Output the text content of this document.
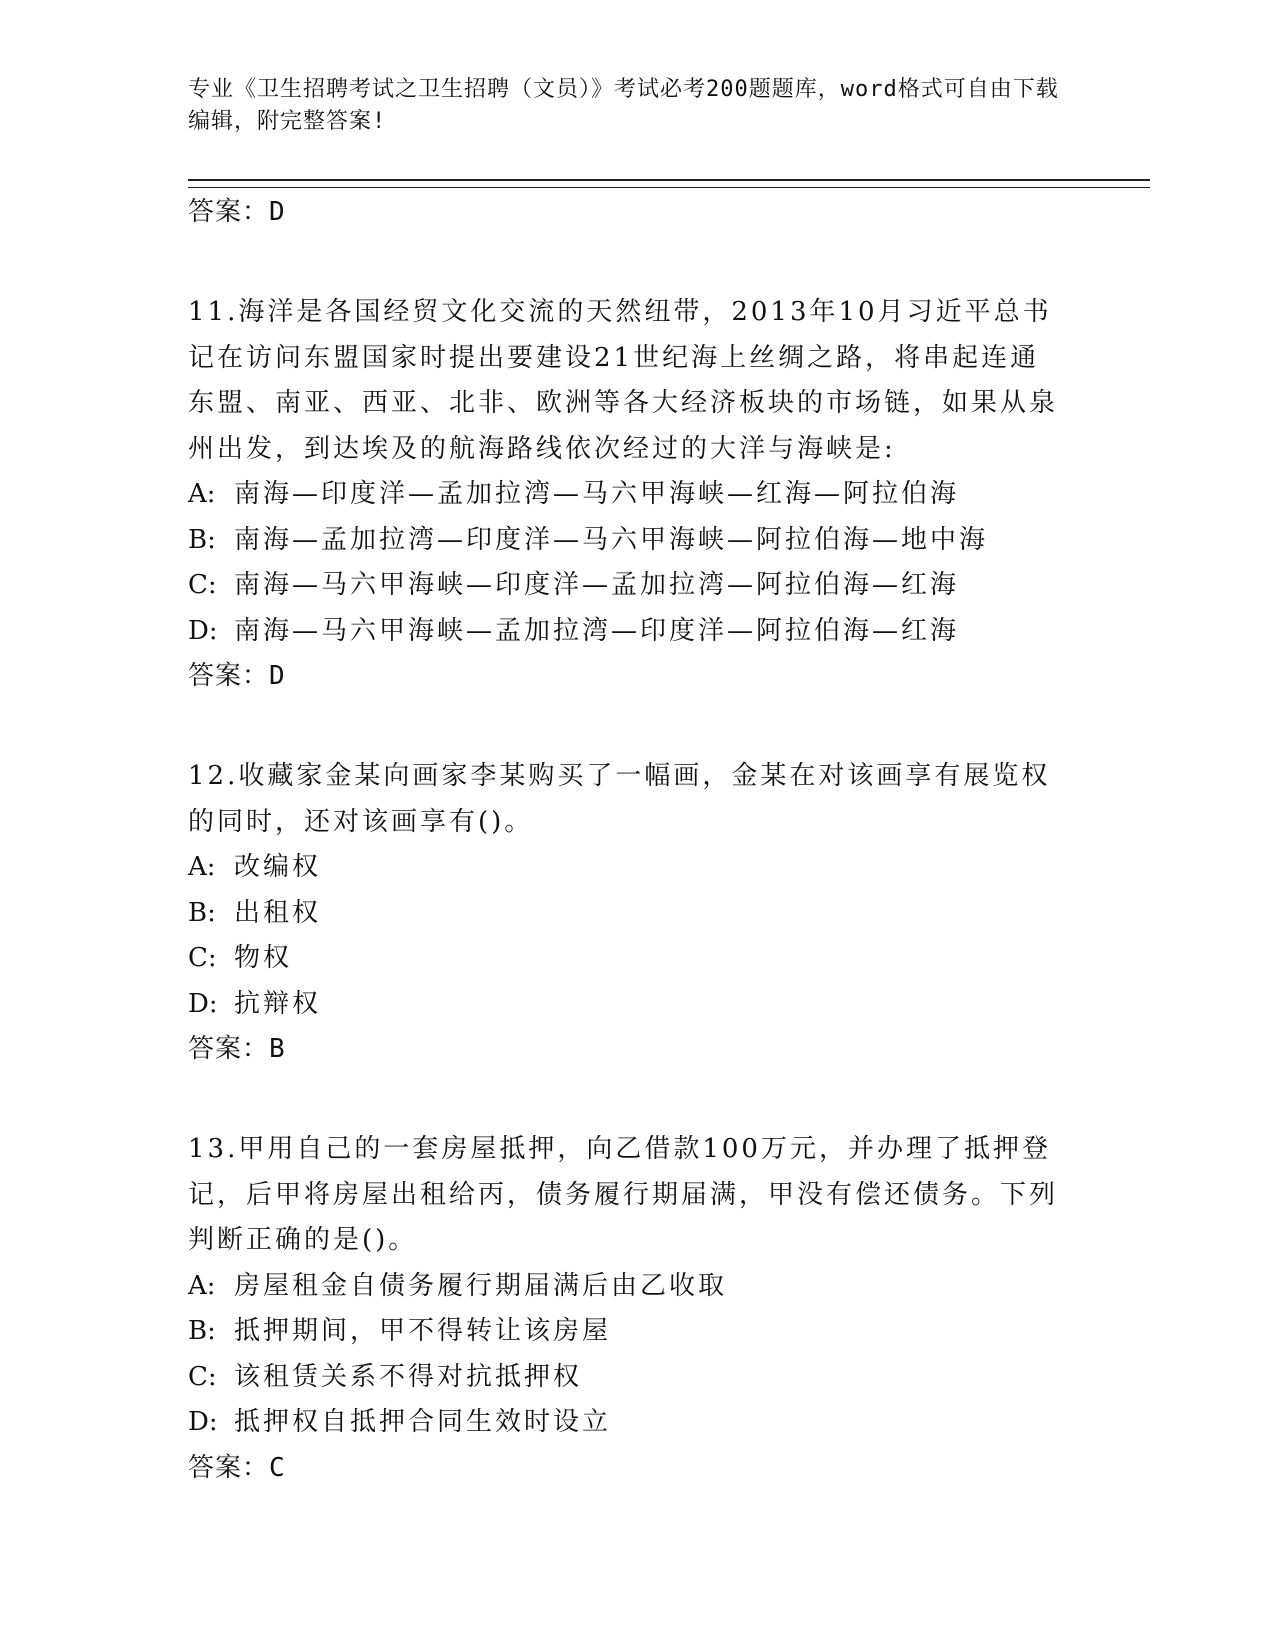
专业《卫生招聘考试之卫生招聘（文员）》考试必考200题题库，word格式可自由下载编辑，附完整答案!
答案：D

11.海洋是各国经贸文化交流的天然纽带，2013年10月习近平总书记在访问东盟国家时提出要建设21世纪海上丝绸之路，将串起连通东盟、南亚、西亚、北非、欧洲等各大经济板块的市场链，如果从泉州出发，到达埃及的航海路线依次经过的大洋与海峡是:

A: 南海—印度洋—孟加拉湾—马六甲海峡—红海—阿拉伯海
B: 南海—孟加拉湾—印度洋—马六甲海峡—阿拉伯海—地中海
C: 南海—马六甲海峡—印度洋—孟加拉湾—阿拉伯海—红海
D: 南海—马六甲海峡—孟加拉湾—印度洋—阿拉伯海—红海
答案：D

12.收藏家金某向画家李某购买了一幅画，金某在对该画享有展览权的同时，还对该画享有()。

A: 改编权
B: 出租权
C: 物权
D: 抗辩权
答案：B

13.甲用自己的一套房屋抵押，向乙借款100万元，并办理了抵押登记，后甲将房屋出租给丙，债务履行期届满，甲没有偿还债务。下列判断正确的是()。

A: 房屋租金自债务履行期届满后由乙收取
B: 抵押期间，甲不得转让该房屋
C: 该租赁关系不得对抗抵押权
D: 抵押权自抵押合同生效时设立
答案：C
